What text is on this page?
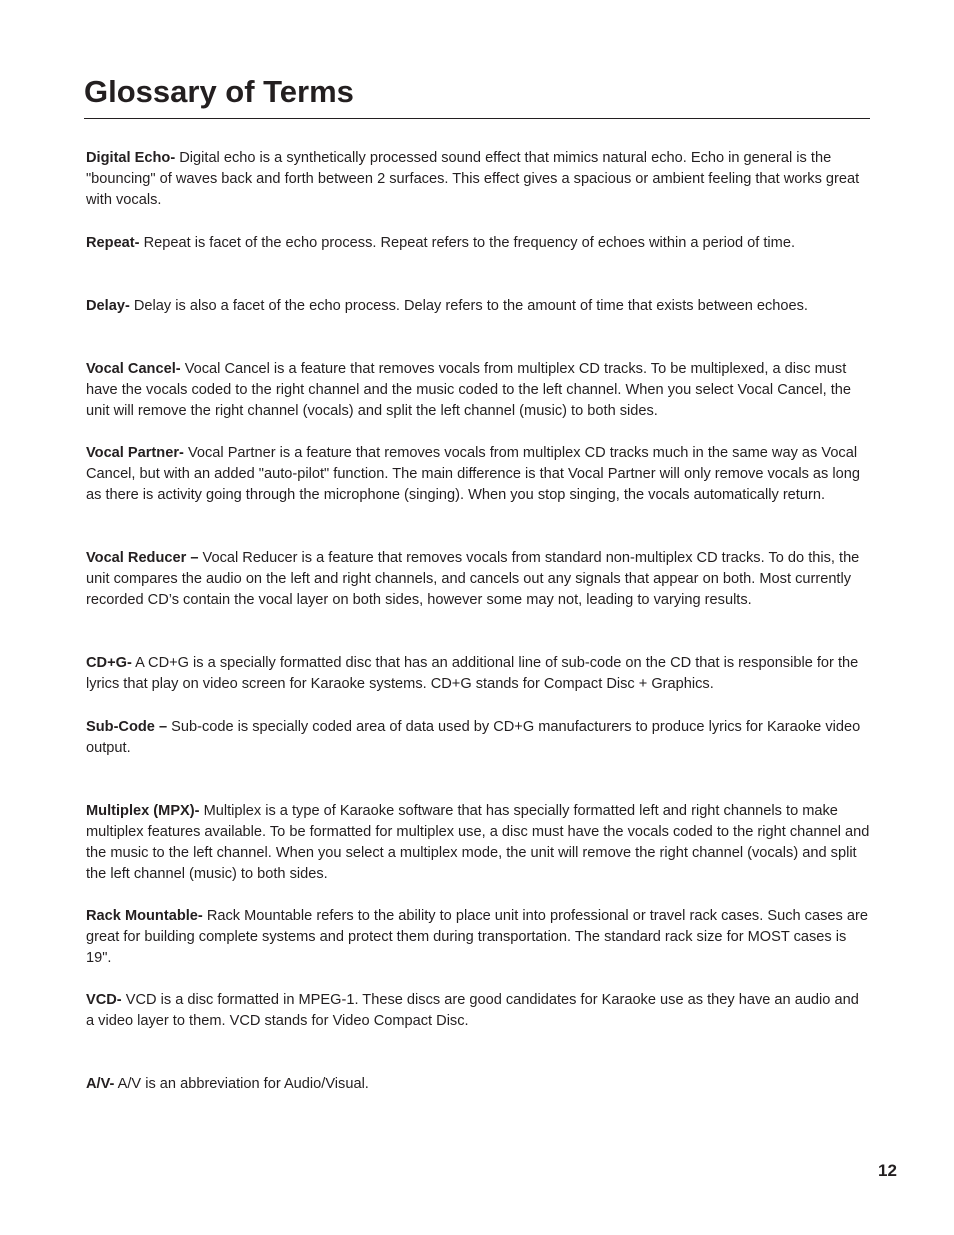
Glossary of Terms

Digital Echo- Digital echo is a synthetically processed sound effect that mimics natural echo. Echo in general is the "bouncing" of waves back and forth between 2 surfaces. This effect gives a spacious or ambient feeling that works great with vocals.

Repeat- Repeat is facet of the echo process. Repeat refers to the frequency of echoes within a period of time.

Delay- Delay is also a facet of the echo process. Delay refers to the amount of time that exists between echoes.

Vocal Cancel- Vocal Cancel is a feature that removes vocals from multiplex CD tracks. To be multiplexed, a disc must have the vocals coded to the right channel and the music coded to the left channel. When you select Vocal Cancel, the unit will remove the right channel (vocals) and split the left channel (music) to both sides.

Vocal Partner- Vocal Partner is a feature that removes vocals from multiplex CD tracks much in the same way as Vocal Cancel, but with an added "auto-pilot" function. The main difference is that Vocal Partner will only remove vocals as long as there is activity going through the microphone (singing). When you stop singing, the vocals automatically return.

Vocal Reducer – Vocal Reducer is a feature that removes vocals from standard non-multiplex CD tracks. To do this, the unit compares the audio on the left and right channels, and cancels out any signals that appear on both. Most currently recorded CD’s contain the vocal layer on both sides, however some may not, leading to varying results.

CD+G- A CD+G is a specially formatted disc that has an additional line of sub-code on the CD that is responsible for the lyrics that play on video screen for Karaoke systems. CD+G stands for Compact Disc + Graphics.

Sub-Code – Sub-code is specially coded area of data used by CD+G manufacturers to produce lyrics for Karaoke video output.

Multiplex (MPX)- Multiplex is a type of Karaoke software that has specially formatted left and right channels to make multiplex features available. To be formatted for multiplex use, a disc must have the vocals coded to the right channel and the music to the left channel. When you select a multiplex mode, the unit will remove the right channel (vocals) and split the left channel (music) to both sides.

Rack Mountable- Rack Mountable refers to the ability to place unit into professional or travel rack cases. Such cases are great for building complete systems and protect them during transportation. The standard rack size for MOST cases is 19".

VCD- VCD is a disc formatted in MPEG-1. These discs are good candidates for Karaoke use as they have an audio and a video layer to them. VCD stands for Video Compact Disc.

A/V- A/V is an abbreviation for Audio/Visual.

12
